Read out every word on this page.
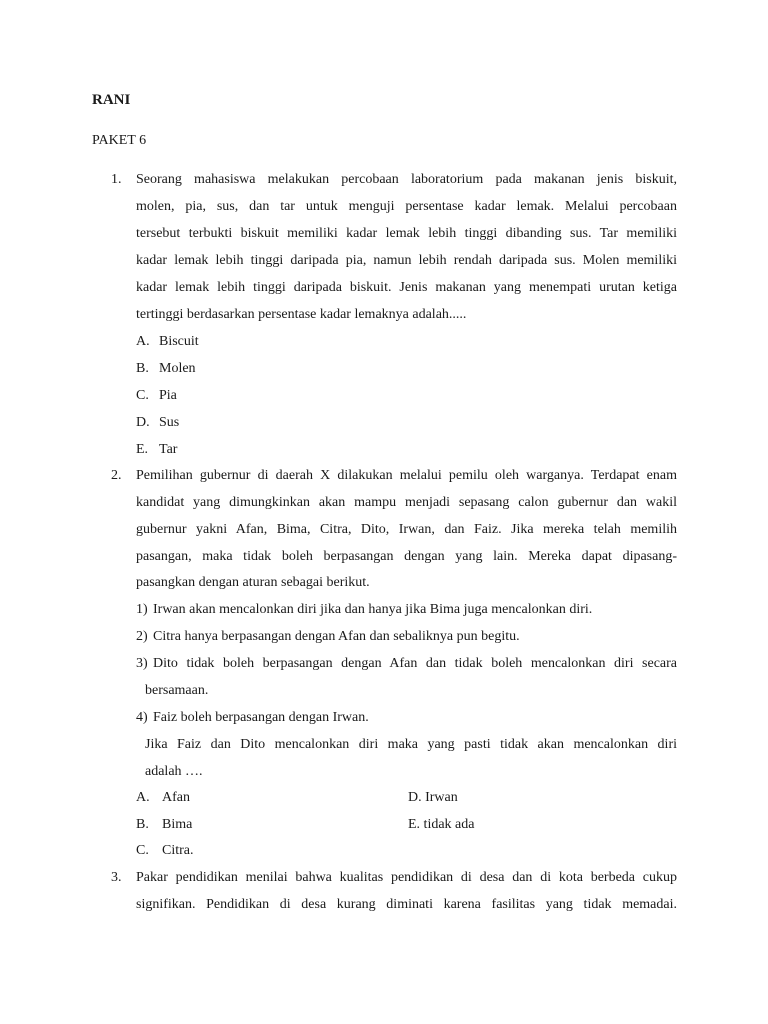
RANI
PAKET 6
1.	Seorang mahasiswa melakukan percobaan laboratorium pada makanan jenis biskuit,
molen, pia, sus, dan tar untuk menguji persentase kadar lemak. Melalui percobaan
tersebut terbukti biskuit memiliki kadar lemak lebih tinggi dibanding sus. Tar memiliki
kadar lemak lebih tinggi daripada pia, namun lebih rendah daripada sus. Molen memiliki
kadar lemak lebih tinggi daripada biskuit. Jenis makanan yang menempati urutan ketiga
tertinggi berdasarkan persentase kadar lemaknya adalah.....
A. Biscuit
B. Molen
C. Pia
D. Sus
E. Tar
2.	Pemilihan gubernur di daerah X dilakukan melalui pemilu oleh warganya. Terdapat enam
kandidat yang dimungkinkan akan mampu menjadi sepasang calon gubernur dan wakil
gubernur yakni Afan, Bima, Citra, Dito, Irwan, dan Faiz. Jika mereka telah memilih
pasangan, maka tidak boleh berpasangan dengan yang lain. Mereka dapat dipasang-
pasangkan dengan aturan sebagai berikut.
1) Irwan akan mencalonkan diri jika dan hanya jika Bima juga mencalonkan diri.
2) Citra hanya berpasangan dengan Afan dan sebaliknya pun begitu.
3) Dito tidak boleh berpasangan dengan Afan dan tidak boleh mencalonkan diri secara
bersamaan.
4) Faiz boleh berpasangan dengan Irwan.
Jika Faiz dan Dito mencalonkan diri maka yang pasti tidak akan mencalonkan diri
adalah ….
A. Afan	D. Irwan
B. Bima	E. tidak ada
C. Citra.
3.	Pakar pendidikan menilai bahwa kualitas pendidikan di desa dan di kota berbeda cukup
signifikan. Pendidikan di desa kurang diminati karena fasilitas yang tidak memadai.
